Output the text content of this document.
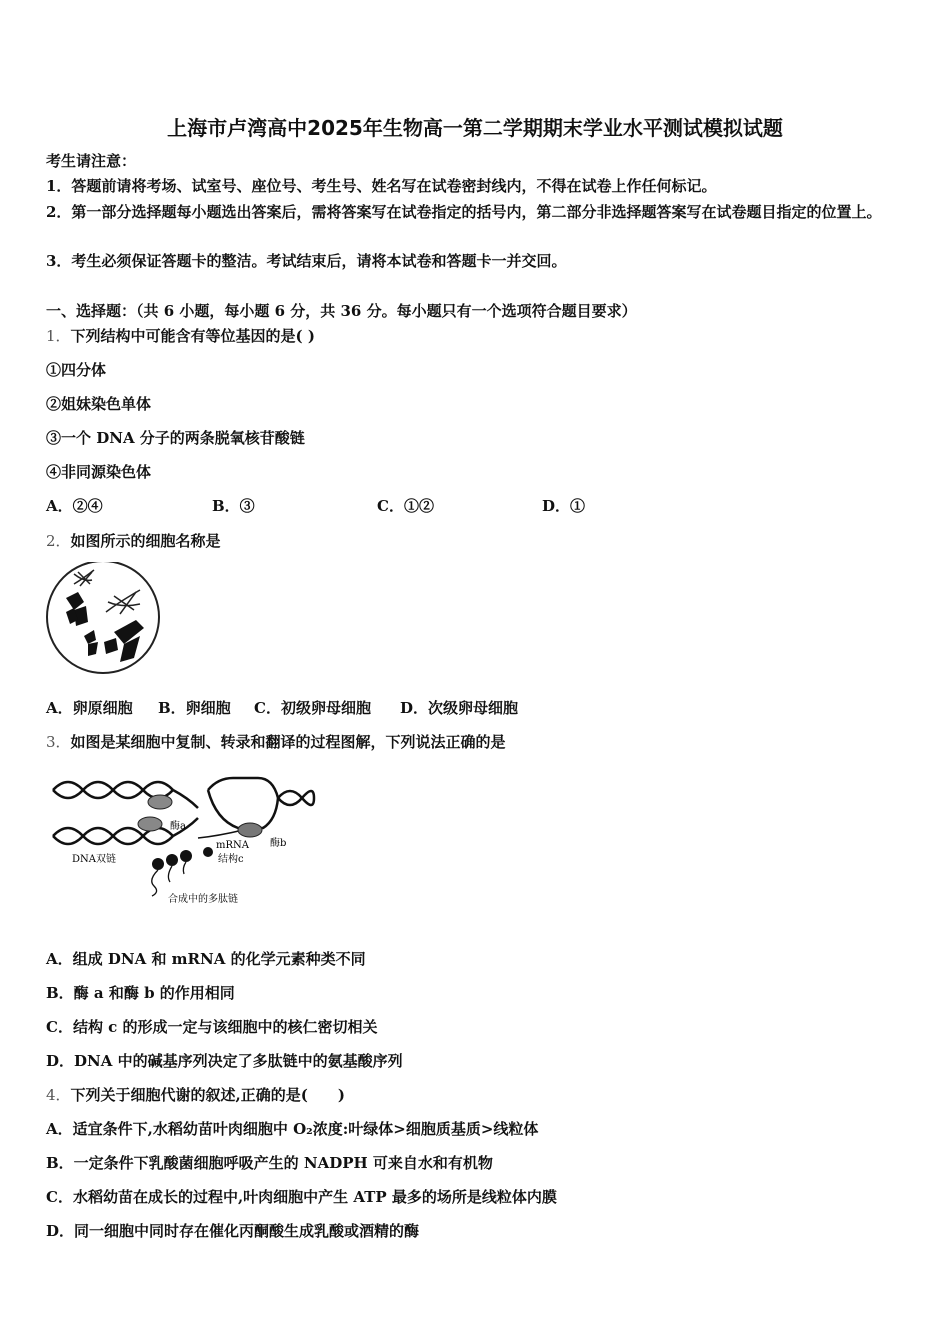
上海市卢湾高中2025年生物高一第二学期期末学业水平测试模拟试题
考生请注意：
1．答题前请将考场、试室号、座位号、考生号、姓名写在试卷密封线内，不得在试卷上作任何标记。
2．第一部分选择题每小题选出答案后，需将答案写在试卷指定的括号内，第二部分非选择题答案写在试卷题目指定的位置上。
3．考生必须保证答题卡的整洁。考试结束后，请将本试卷和答题卡一并交回。
一、选择题：（共 6 小题，每小题 6 分，共 36 分。每小题只有一个选项符合题目要求）
1．下列结构中可能含有等位基因的是( )
①四分体
②姐妹染色单体
③一个 DNA 分子的两条脱氧核苷酸链
④非同源染色体
A．②④	B．③	C．①②	D．①
2．如图所示的细胞名称是
A．卵原细胞 B．卵细胞 C．初级卵母细胞 D．次级卵母细胞
3．如图是某细胞中复制、转录和翻译的过程图解，下列说法正确的是
酶a
酶b
mRNA
结构c
DNA双链
合成中的多肽链
A．组成 DNA 和 mRNA 的化学元素种类不同
B．酶 a 和酶 b 的作用相同
C．结构 c 的形成一定与该细胞中的核仁密切相关
D．DNA 中的碱基序列决定了多肽链中的氨基酸序列
4．下列关于细胞代谢的叙述,正确的是(　　)
A．适宜条件下,水稻幼苗叶肉细胞中 O₂浓度:叶绿体>细胞质基质>线粒体
B．一定条件下乳酸菌细胞呼吸产生的 NADPH 可来自水和有机物
C．水稻幼苗在成长的过程中,叶肉细胞中产生 ATP 最多的场所是线粒体内膜
D．同一细胞中同时存在催化丙酮酸生成乳酸或酒精的酶
